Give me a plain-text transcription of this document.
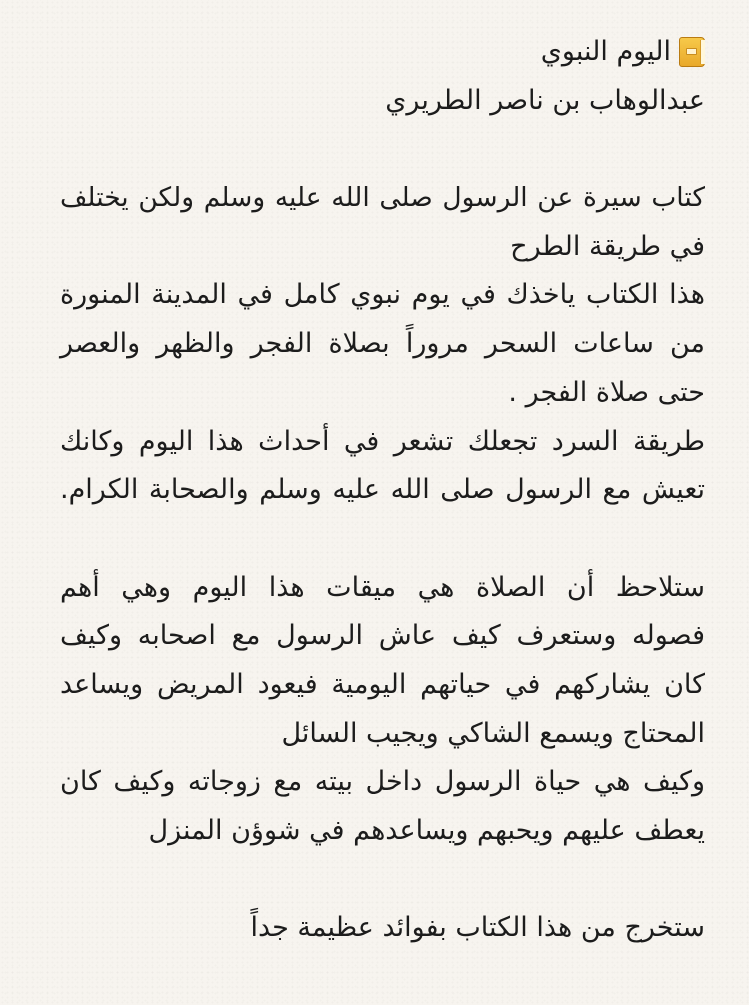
اليوم النبوي
عبدالوهاب بن ناصر الطريري
كتاب سيرة عن الرسول صلى الله عليه وسلم ولكن يختلف
في طريقة الطرح
هذا الكتاب ياخذك في يوم نبوي كامل في المدينة المنورة
من ساعات السحر مروراً بصلاة الفجر والظهر والعصر
حتى صلاة الفجر .
طريقة السرد تجعلك تشعر في أحداث هذا اليوم وكانك
تعيش مع الرسول صلى الله عليه وسلم والصحابة الكرام.
ستلاحظ أن الصلاة هي ميقات هذا اليوم وهي أهم
فصوله وستعرف كيف عاش الرسول مع اصحابه وكيف
كان يشاركهم في حياتهم اليومية فيعود المريض ويساعد
المحتاج ويسمع الشاكي ويجيب السائل
وكيف هي حياة الرسول داخل بيته مع زوجاته وكيف كان
يعطف عليهم ويحبهم ويساعدهم في شوؤن المنزل
ستخرج من هذا الكتاب بفوائد عظيمة جداً
